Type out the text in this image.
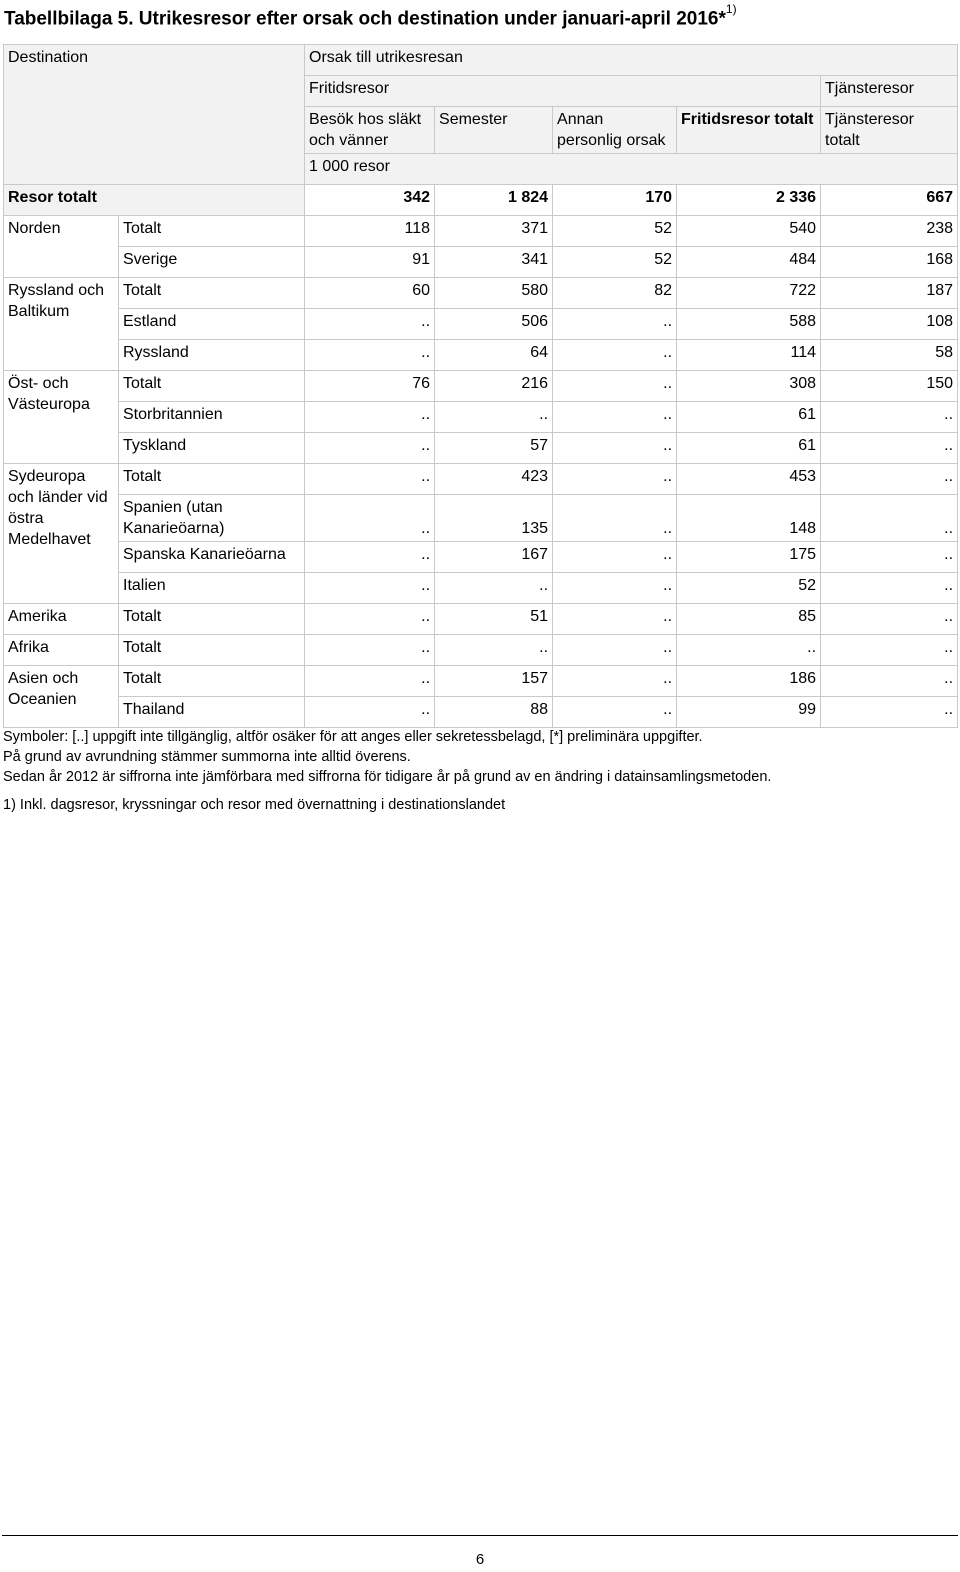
Tabellbilaga 5. Utrikesresor efter orsak och destination under januari-april 2016*$^{1)}$
Destination		Orsak till utrikesresan				
		Fritidsresor				Tjänsteresor
		Besök hos släkt och vänner	Semester	Annan personlig orsak	Fritidsresor totalt	Tjänsteresor totalt
		1 000 resor				
Resor totalt		342	1 824	170	2 336	667
Norden	Totalt	118	371	52	540	238
	Sverige	91	341	52	484	168
Ryssland och Baltikum	Totalt	60	580	82	722	187
	Estland	..	506	..	588	108
	Ryssland	..	64	..	114	58
Öst- och Västeuropa	Totalt	76	216	..	308	150
	Storbritannien	..	..	..	61	..
	Tyskland	..	57	..	61	..
Sydeuropa och länder vid östra Medelhavet	Totalt	..	423	..	453	..
	Spanien (utan Kanarieöarna)	..	135	..	148	..
	Spanska Kanarieöarna	..	167	..	175	..
	Italien	..	..	..	52	..
Amerika	Totalt	..	51	..	85	..
Afrika	Totalt	..	..	..	..	..
Asien och Oceanien	Totalt	..	157	..	186	..
	Thailand	..	88	..	99	..
Symboler: [..] uppgift inte tillgänglig, altför osäker för att anges eller sekretessbelagd, [*] preliminära uppgifter.
På grund av avrundning stämmer summorna inte alltid överens.
Sedan år 2012 är siffrorna inte jämförbara med siffrorna för tidigare år på grund av en ändring i datainsamlingsmetoden.
1) Inkl. dagsresor, kryssningar och resor med övernattning i destinationslandet
6
